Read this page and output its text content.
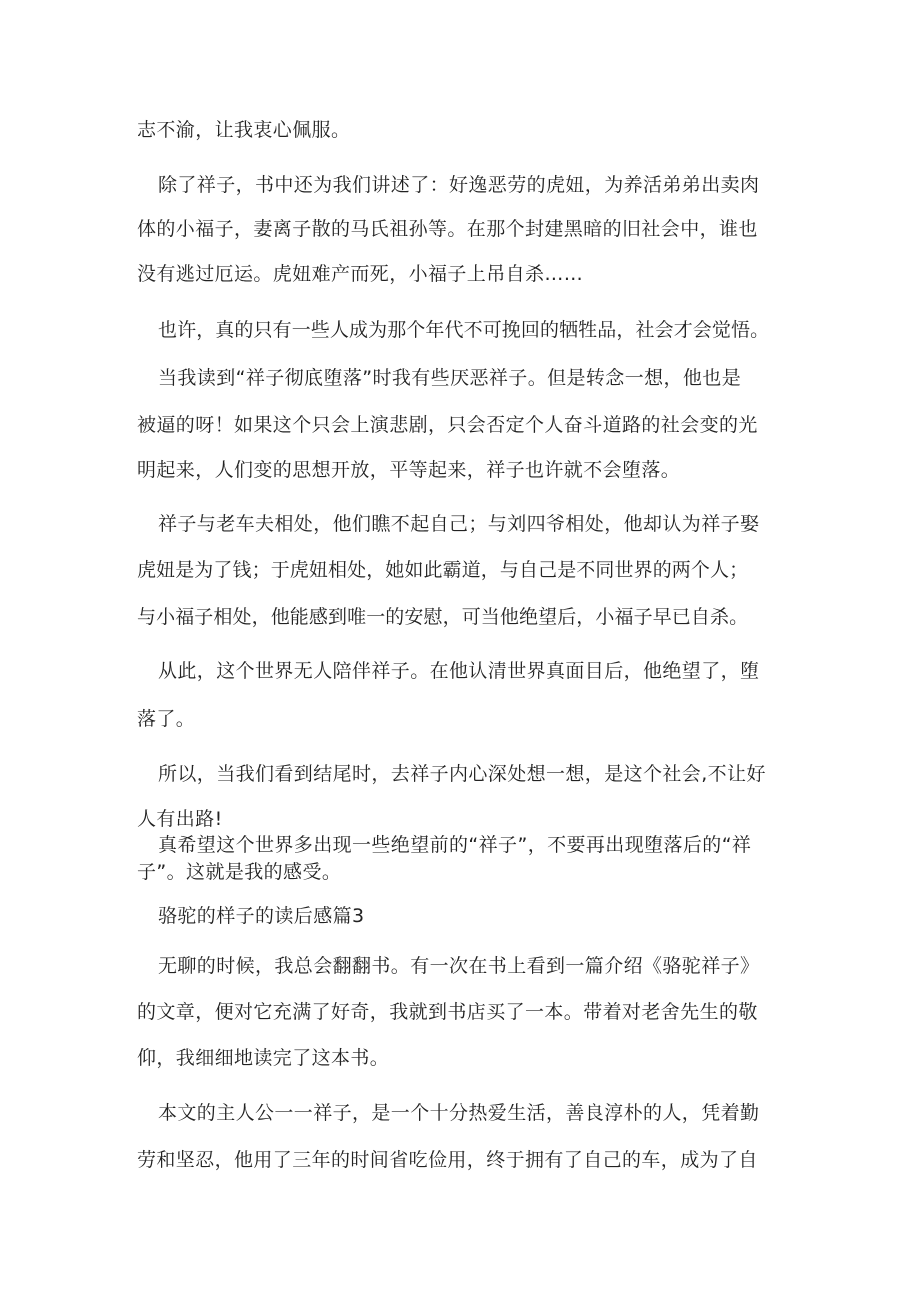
志不渝，让我衷心佩服。
除了祥子，书中还为我们讲述了：好逸恶劳的虎妞，为养活弟弟出卖肉
体的小福子，妻离子散的马氏祖孙等。在那个封建黑暗的旧社会中，谁也
没有逃过厄运。虎妞难产而死，小福子上吊自杀……
也许，真的只有一些人成为那个年代不可挽回的牺牲品，社会才会觉悟。
当我读到“祥子彻底堕落”时我有些厌恶祥子。但是转念一想，他也是
被逼的呀！如果这个只会上演悲剧，只会否定个人奋斗道路的社会变的光
明起来，人们变的思想开放，平等起来，祥子也许就不会堕落。
祥子与老车夫相处，他们瞧不起自己；与刘四爷相处，他却认为祥子娶
虎妞是为了钱；于虎妞相处，她如此霸道，与自己是不同世界的两个人；
与小福子相处，他能感到唯一的安慰，可当他绝望后，小福子早已自杀。
从此，这个世界无人陪伴祥子。在他认清世界真面目后，他绝望了，堕
落了。
所以，当我们看到结尾时，去祥子内心深处想一想，是这个社会,不让好
人有出路!
真希望这个世界多出现一些绝望前的“祥子”，不要再出现堕落后的“祥
子”。这就是我的感受。
骆驼的样子的读后感篇3
无聊的时候，我总会翻翻书。有一次在书上看到一篇介绍《骆驼祥子》
的文章，便对它充满了好奇，我就到书店买了一本。带着对老舍先生的敬
仰，我细细地读完了这本书。
本文的主人公一一祥子，是一个十分热爱生活，善良淳朴的人，凭着勤
劳和坚忍，他用了三年的时间省吃俭用，终于拥有了自己的车，成为了自
